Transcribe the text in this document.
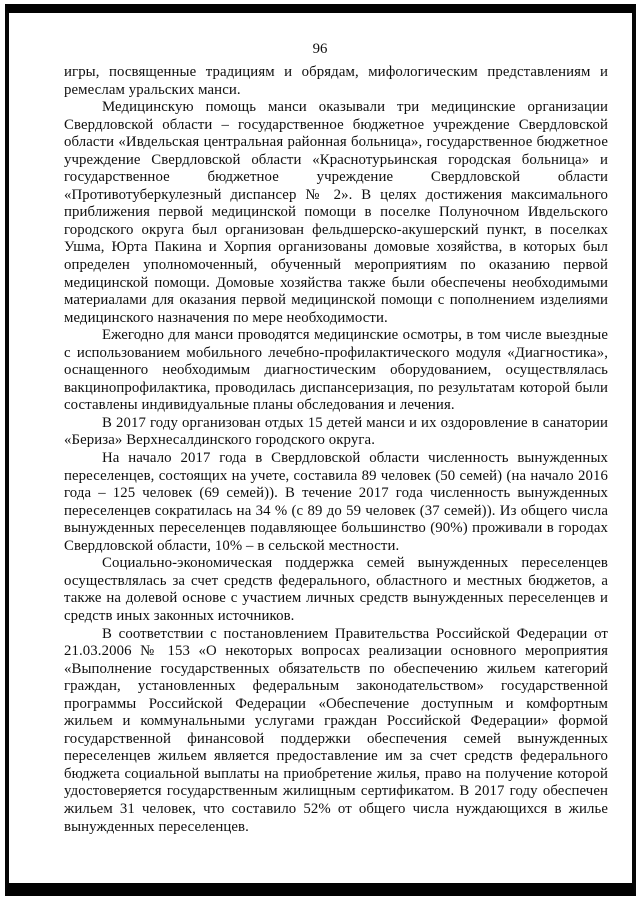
96

игры, посвященные традициям и обрядам, мифологическим представлениям и ремеслам уральских манси.

Медицинскую помощь манси оказывали три медицинские организации Свердловской области – государственное бюджетное учреждение Свердловской области «Ивдельская центральная районная больница», государственное бюджетное учреждение Свердловской области «Краснотурьинская городская больница» и государственное бюджетное учреждение Свердловской области «Противотуберкулезный диспансер № 2». В целях достижения максимального приближения первой медицинской помощи в поселке Полуночном Ивдельского городского округа был организован фельдшерско-акушерский пункт, в поселках Ушма, Юрта Пакина и Хорпия организованы домовые хозяйства, в которых был определен уполномоченный, обученный мероприятиям по оказанию первой медицинской помощи. Домовые хозяйства также были обеспечены необходимыми материалами для оказания первой медицинской помощи с пополнением изделиями медицинского назначения по мере необходимости.

Ежегодно для манси проводятся медицинские осмотры, в том числе выездные с использованием мобильного лечебно-профилактического модуля «Диагностика», оснащенного необходимым диагностическим оборудованием, осуществлялась вакцинопрофилактика, проводилась диспансеризация, по результатам которой были составлены индивидуальные планы обследования и лечения.

В 2017 году организован отдых 15 детей манси и их оздоровление в санатории «Бериза» Верхнесалдинского городского округа.

На начало 2017 года в Свердловской области численность вынужденных переселенцев, состоящих на учете, составила 89 человек (50 семей) (на начало 2016 года – 125 человек (69 семей)). В течение 2017 года численность вынужденных переселенцев сократилась на 34 % (с 89 до 59 человек (37 семей)). Из общего числа вынужденных переселенцев подавляющее большинство (90%) проживали в городах Свердловской области, 10% – в сельской местности.

Социально-экономическая поддержка семей вынужденных переселенцев осуществлялась за счет средств федерального, областного и местных бюджетов, а также на долевой основе с участием личных средств вынужденных переселенцев и средств иных законных источников.

В соответствии с постановлением Правительства Российской Федерации от 21.03.2006 № 153 «О некоторых вопросах реализации основного мероприятия «Выполнение государственных обязательств по обеспечению жильем категорий граждан, установленных федеральным законодательством» государственной программы Российской Федерации «Обеспечение доступным и комфортным жильем и коммунальными услугами граждан Российской Федерации» формой государственной финансовой поддержки обеспечения семей вынужденных переселенцев жильем является предоставление им за счет средств федерального бюджета социальной выплаты на приобретение жилья, право на получение которой удостоверяется государственным жилищным сертификатом. В 2017 году обеспечен жильем 31 человек, что составило 52% от общего числа нуждающихся в жилье вынужденных переселенцев.
